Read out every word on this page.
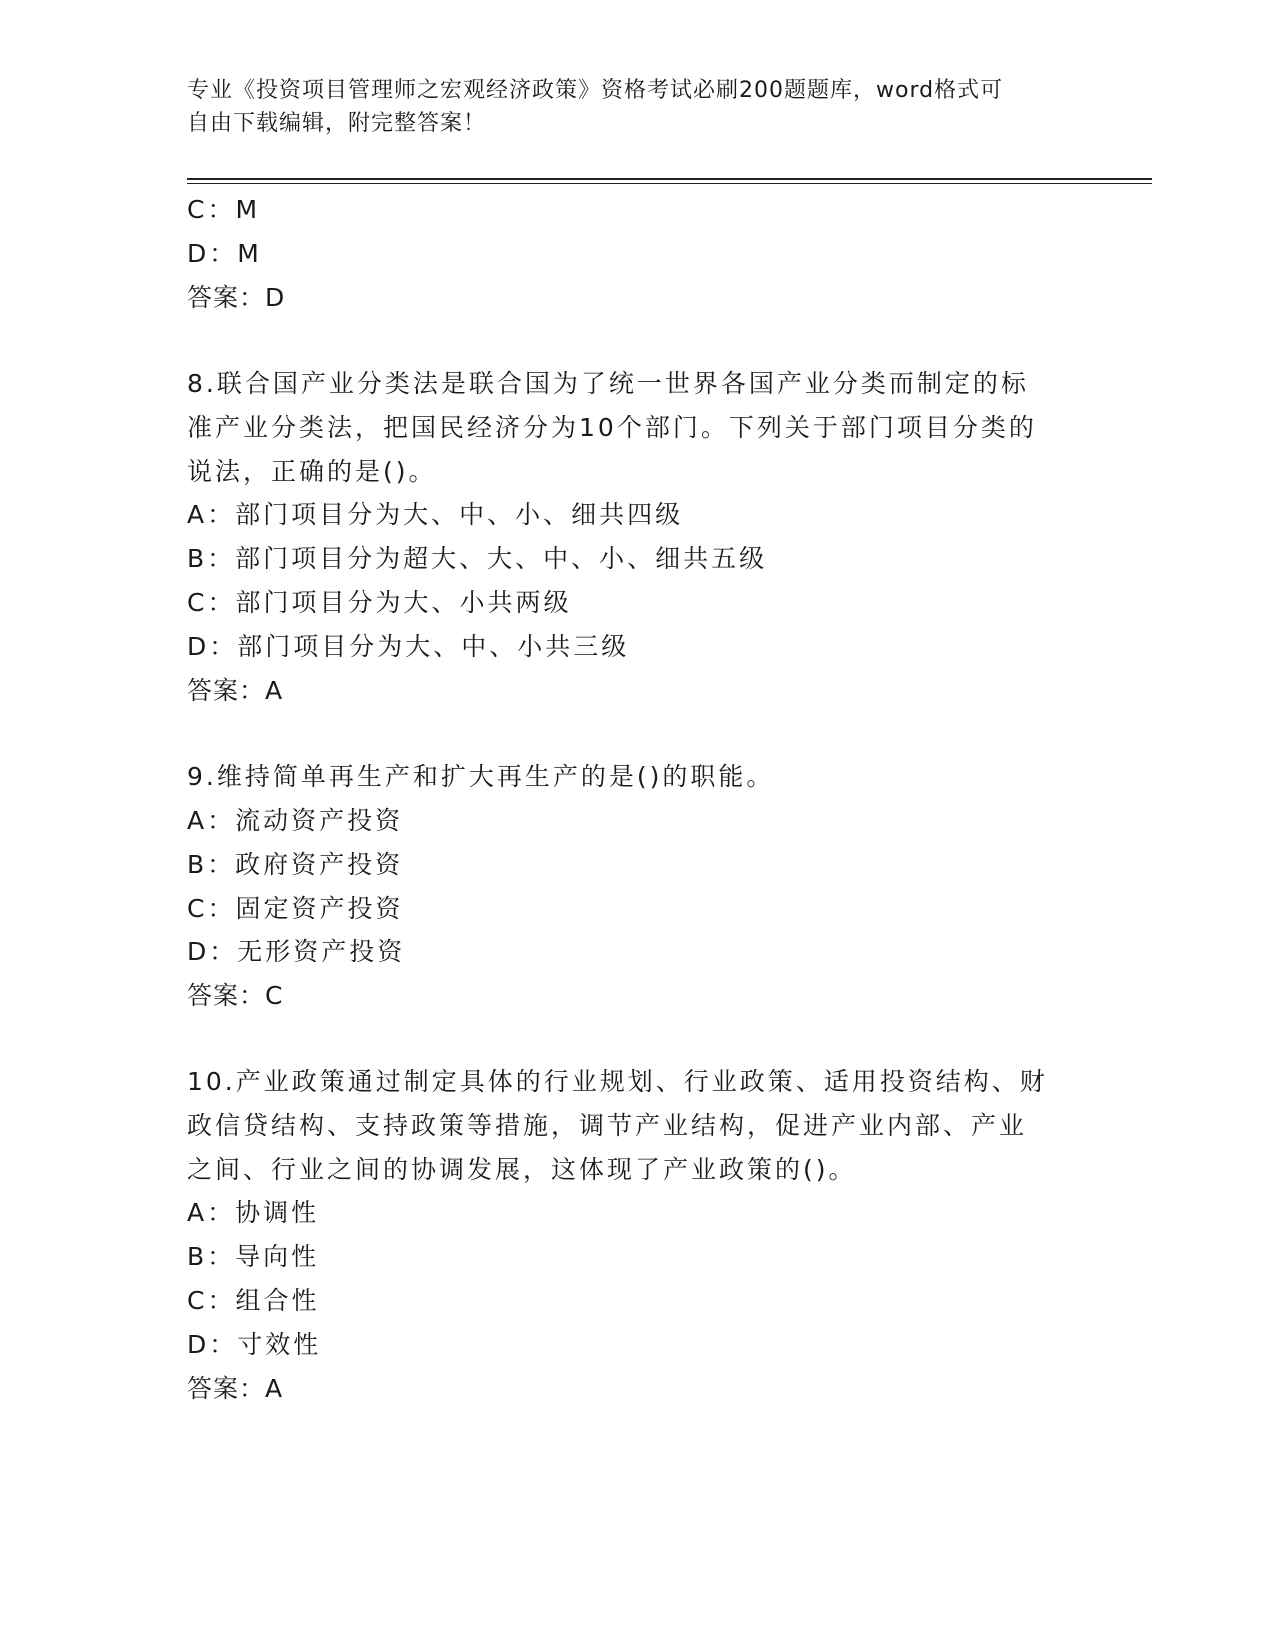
专业《投资项目管理师之宏观经济政策》资格考试必刷200题题库，word格式可
自由下载编辑，附完整答案！
C：M
D：M
答案：D
8.联合国产业分类法是联合国为了统一世界各国产业分类而制定的标
准产业分类法，把国民经济分为10个部门。下列关于部门项目分类的
说法，正确的是()。
A：部门项目分为大、中、小、细共四级
B：部门项目分为超大、大、中、小、细共五级
C：部门项目分为大、小共两级
D：部门项目分为大、中、小共三级
答案：A
9.维持简单再生产和扩大再生产的是()的职能。
A：流动资产投资
B：政府资产投资
C：固定资产投资
D：无形资产投资
答案：C
10.产业政策通过制定具体的行业规划、行业政策、适用投资结构、财
政信贷结构、支持政策等措施，调节产业结构，促进产业内部、产业
之间、行业之间的协调发展，这体现了产业政策的()。
A：协调性
B：导向性
C：组合性
D：寸效性
答案：A
